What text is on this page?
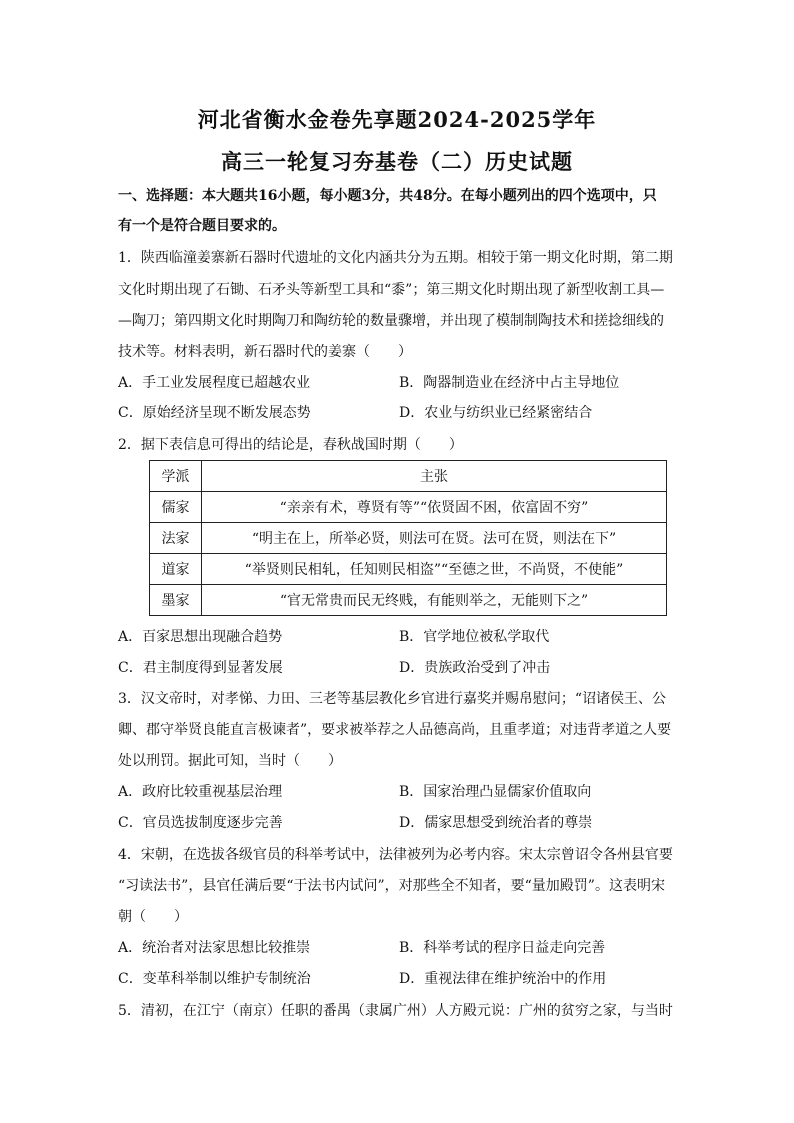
河北省衡水金卷先享题2024-2025学年
高三一轮复习夯基卷（二）历史试题
一、选择题：本大题共16小题，每小题3分，共48分。在每小题列出的四个选项中，只
有一个是符合题目要求的。
1．陕西临潼姜寨新石器时代遗址的文化内涵共分为五期。相较于第一期文化时期，第二期
文化时期出现了石锄、石矛头等新型工具和“黍”；第三期文化时期出现了新型收割工具—
—陶刀；第四期文化时期陶刀和陶纺轮的数量骤增，并出现了模制制陶技术和搓捻细线的
技术等。材料表明，新石器时代的姜寨（　　）
A．手工业发展程度已超越农业	B．陶器制造业在经济中占主导地位
C．原始经济呈现不断发展态势	D．农业与纺织业已经紧密结合
2．据下表信息可得出的结论是，春秋战国时期（　　）
学派	主张
儒家	“亲亲有术，尊贤有等”“依贤固不困，依富固不穷”
法家	“明主在上，所举必贤，则法可在贤。法可在贤，则法在下”
道家	“举贤则民相轧，任知则民相盗”“至德之世，不尚贤，不使能”
墨家	“官无常贵而民无终贱，有能则举之，无能则下之”
A．百家思想出现融合趋势	B．官学地位被私学取代
C．君主制度得到显著发展	D．贵族政治受到了冲击
3．汉文帝时，对孝悌、力田、三老等基层教化乡官进行嘉奖并赐帛慰问；“诏诸侯王、公
卿、郡守举贤良能直言极谏者”，要求被举荐之人品德高尚，且重孝道；对违背孝道之人要
处以刑罚。据此可知，当时（　　）
A．政府比较重视基层治理	B．国家治理凸显儒家价值取向
C．官员选拔制度逐步完善	D．儒家思想受到统治者的尊崇
4．宋朝，在选拔各级官员的科举考试中，法律被列为必考内容。宋太宗曾诏令各州县官要
“习读法书”，县官任满后要“于法书内试问”，对那些全不知者，要“量加殿罚”。这表明宋
朝（　　）
A．统治者对法家思想比较推崇	B．科举考试的程序日益走向完善
C．变革科举制以维护专制统治	D．重视法律在维护统治中的作用
5．清初，在江宁（南京）任职的番禺（隶属广州）人方殿元说：广州的贫穷之家，与当时
